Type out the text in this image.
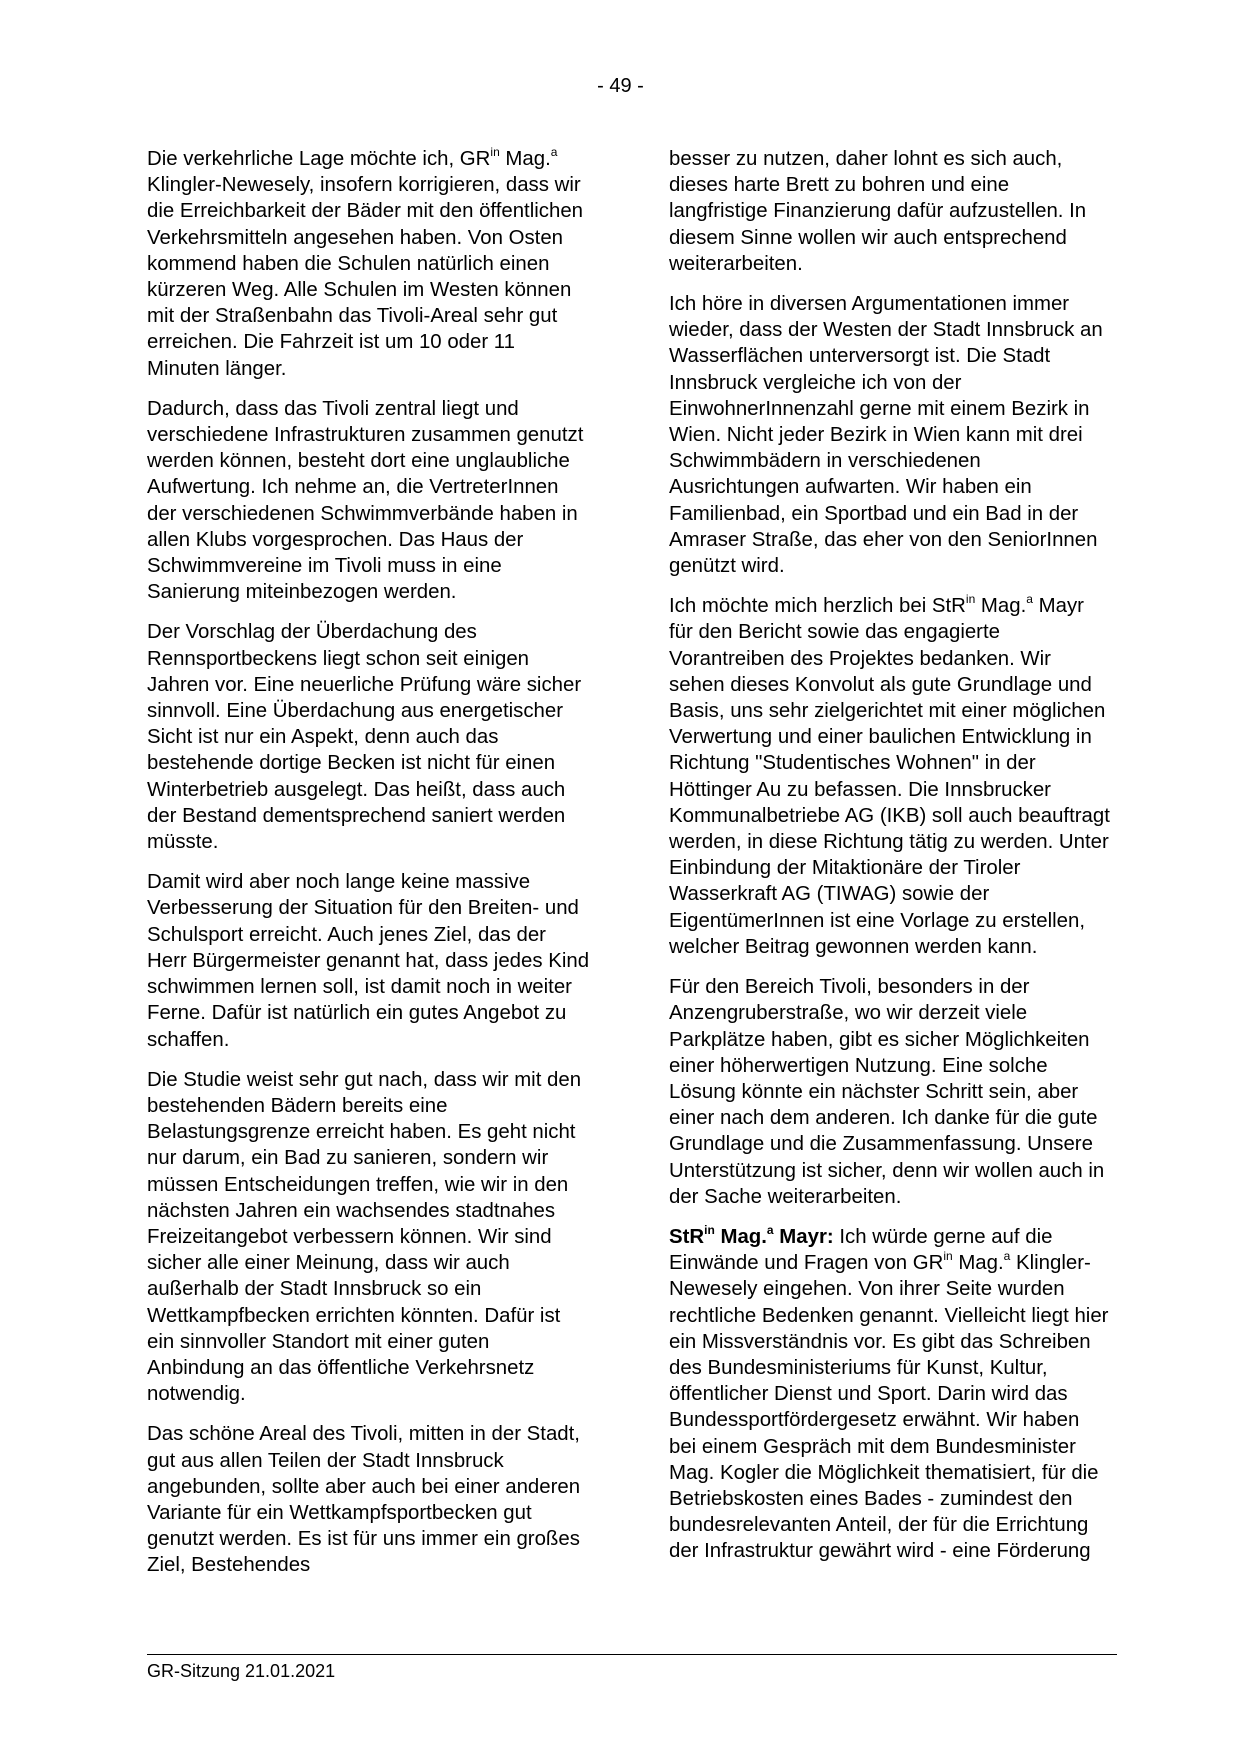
- 49 -

Die verkehrliche Lage möchte ich, $GR^{in}$ Mag.$^a$ Klingler-Newesely, insofern korrigieren, dass wir die Erreichbarkeit der Bäder mit den öffentlichen Verkehrsmitteln angesehen haben. Von Osten kommend haben die Schulen natürlich einen kürzeren Weg. Alle Schulen im Westen können mit der Straßenbahn das Tivoli-Areal sehr gut erreichen. Die Fahrzeit ist um 10 oder 11 Minuten länger.

Dadurch, dass das Tivoli zentral liegt und verschiedene Infrastrukturen zusammen genutzt werden können, besteht dort eine unglaubliche Aufwertung. Ich nehme an, die VertreterInnen der verschiedenen Schwimmverbände haben in allen Klubs vorgesprochen. Das Haus der Schwimmvereine im Tivoli muss in eine Sanierung miteinbezogen werden.

Der Vorschlag der Überdachung des Rennsportbeckens liegt schon seit einigen Jahren vor. Eine neuerliche Prüfung wäre sicher sinnvoll. Eine Überdachung aus energetischer Sicht ist nur ein Aspekt, denn auch das bestehende dortige Becken ist nicht für einen Winterbetrieb ausgelegt. Das heißt, dass auch der Bestand dementsprechend saniert werden müsste.

Damit wird aber noch lange keine massive Verbesserung der Situation für den Breiten- und Schulsport erreicht. Auch jenes Ziel, das der Herr Bürgermeister genannt hat, dass jedes Kind schwimmen lernen soll, ist damit noch in weiter Ferne. Dafür ist natürlich ein gutes Angebot zu schaffen.

Die Studie weist sehr gut nach, dass wir mit den bestehenden Bädern bereits eine Belastungsgrenze erreicht haben. Es geht nicht nur darum, ein Bad zu sanieren, sondern wir müssen Entscheidungen treffen, wie wir in den nächsten Jahren ein wachsendes stadtnahes Freizeitangebot verbessern können. Wir sind sicher alle einer Meinung, dass wir auch außerhalb der Stadt Innsbruck so ein Wettkampfbecken errichten könnten. Dafür ist ein sinnvoller Standort mit einer guten Anbindung an das öffentliche Verkehrsnetz notwendig.

Das schöne Areal des Tivoli, mitten in der Stadt, gut aus allen Teilen der Stadt Innsbruck angebunden, sollte aber auch bei einer anderen Variante für ein Wettkampfsportbecken gut genutzt werden. Es ist für uns immer ein großes Ziel, Bestehendes

besser zu nutzen, daher lohnt es sich auch, dieses harte Brett zu bohren und eine langfristige Finanzierung dafür aufzustellen. In diesem Sinne wollen wir auch entsprechend weiterarbeiten.

Ich höre in diversen Argumentationen immer wieder, dass der Westen der Stadt Innsbruck an Wasserflächen unterversorgt ist. Die Stadt Innsbruck vergleiche ich von der EinwohnerInnenzahl gerne mit einem Bezirk in Wien. Nicht jeder Bezirk in Wien kann mit drei Schwimmbädern in verschiedenen Ausrichtungen aufwarten. Wir haben ein Familienbad, ein Sportbad und ein Bad in der Amraser Straße, das eher von den SeniorInnen genützt wird.

Ich möchte mich herzlich bei StR$^{in}$ Mag.$^a$ Mayr für den Bericht sowie das engagierte Vorantreiben des Projektes bedanken. Wir sehen dieses Konvolut als gute Grundlage und Basis, uns sehr zielgerichtet mit einer möglichen Verwertung und einer baulichen Entwicklung in Richtung "Studentisches Wohnen" in der Höttinger Au zu befassen. Die Innsbrucker Kommunalbetriebe AG (IKB) soll auch beauftragt werden, in diese Richtung tätig zu werden. Unter Einbindung der Mitaktionäre der Tiroler Wasserkraft AG (TIWAG) sowie der EigentümerInnen ist eine Vorlage zu erstellen, welcher Beitrag gewonnen werden kann.

Für den Bereich Tivoli, besonders in der Anzengruberstraße, wo wir derzeit viele Parkplätze haben, gibt es sicher Möglichkeiten einer höherwertigen Nutzung. Eine solche Lösung könnte ein nächster Schritt sein, aber einer nach dem anderen. Ich danke für die gute Grundlage und die Zusammenfassung. Unsere Unterstützung ist sicher, denn wir wollen auch in der Sache weiterarbeiten.

StR$^{in}$ Mag.$^a$ Mayr: Ich würde gerne auf die Einwände und Fragen von $GR^{in}$ Mag.$^a$ Klingler-Newesely eingehen. Von ihrer Seite wurden rechtliche Bedenken genannt. Vielleicht liegt hier ein Missverständnis vor. Es gibt das Schreiben des Bundesministeriums für Kunst, Kultur, öffentlicher Dienst und Sport. Darin wird das Bundessportfördergesetz erwähnt. Wir haben bei einem Gespräch mit dem Bundesminister Mag. Kogler die Möglichkeit thematisiert, für die Betriebskosten eines Bades - zumindest den bundesrelevanten Anteil, der für die Errichtung der Infrastruktur gewährt wird - eine Förderung

GR-Sitzung 21.01.2021
